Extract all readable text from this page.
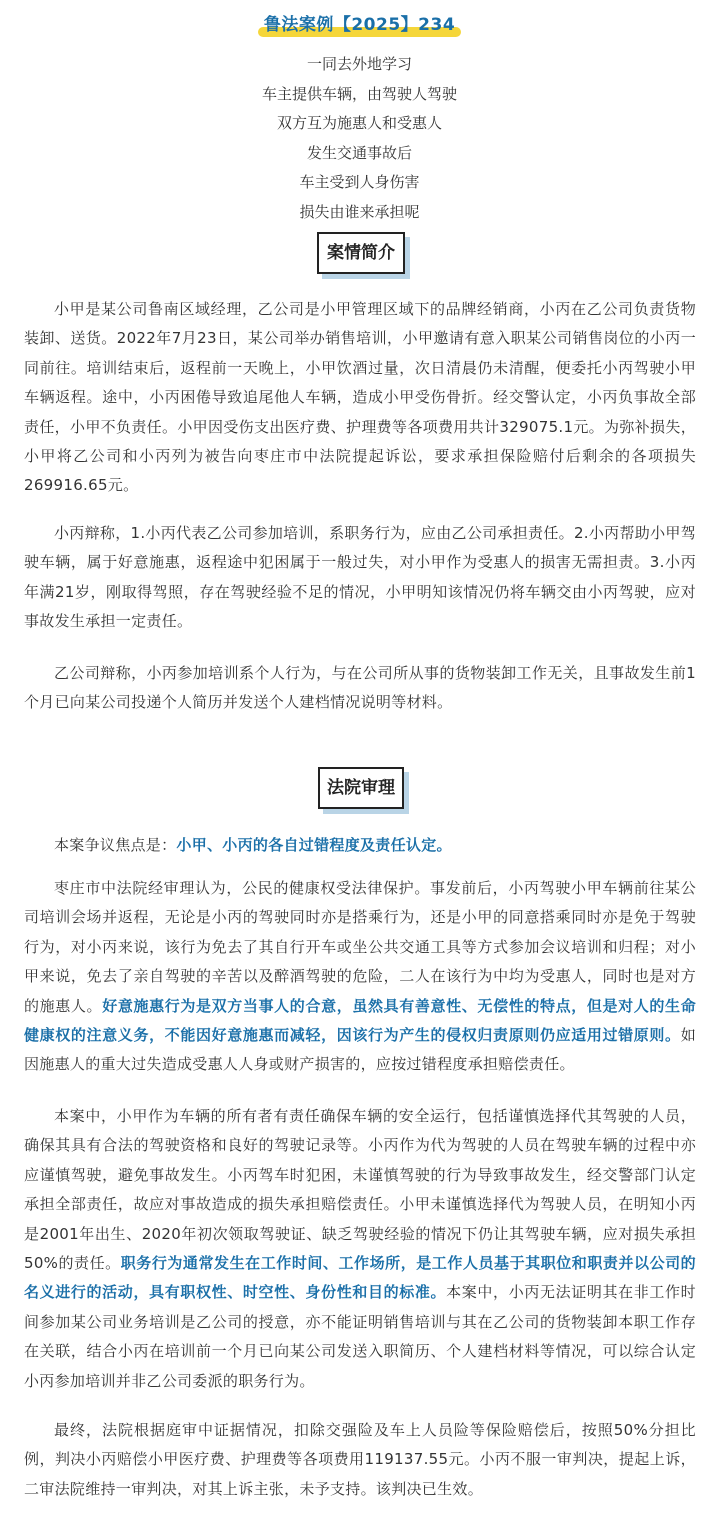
鲁法案例【2025】234
一同去外地学习
车主提供车辆，由驾驶人驾驶
双方互为施惠人和受惠人
发生交通事故后
车主受到人身伤害
损失由谁来承担呢
案情简介
小甲是某公司鲁南区域经理，乙公司是小甲管理区域下的品牌经销商，小丙在乙公司负责货物装卸、送货。2022年7月23日，某公司举办销售培训，小甲邀请有意入职某公司销售岗位的小丙一同前往。培训结束后，返程前一天晚上，小甲饮酒过量，次日清晨仍未清醒，便委托小丙驾驶小甲车辆返程。途中，小丙困倦导致追尾他人车辆，造成小甲受伤骨折。经交警认定，小丙负事故全部责任，小甲不负责任。小甲因受伤支出医疗费、护理费等各项费用共计329075.1元。为弥补损失，小甲将乙公司和小丙列为被告向枣庄市中法院提起诉讼，要求承担保险赔付后剩余的各项损失269916.65元。
小丙辩称，1.小丙代表乙公司参加培训，系职务行为，应由乙公司承担责任。2.小丙帮助小甲驾驶车辆，属于好意施惠，返程途中犯困属于一般过失，对小甲作为受惠人的损害无需担责。3.小丙年满21岁，刚取得驾照，存在驾驶经验不足的情况，小甲明知该情况仍将车辆交由小丙驾驶，应对事故发生承担一定责任。
乙公司辩称，小丙参加培训系个人行为，与在公司所从事的货物装卸工作无关，且事故发生前1个月已向某公司投递个人简历并发送个人建档情况说明等材料。
法院审理
本案争议焦点是：小甲、小丙的各自过错程度及责任认定。
枣庄市中法院经审理认为，公民的健康权受法律保护。事发前后，小丙驾驶小甲车辆前往某公司培训会场并返程，无论是小丙的驾驶同时亦是搭乘行为，还是小甲的同意搭乘同时亦是免于驾驶行为，对小丙来说，该行为免去了其自行开车或坐公共交通工具等方式参加会议培训和归程；对小甲来说，免去了亲自驾驶的辛苦以及醉酒驾驶的危险，二人在该行为中均为受惠人，同时也是对方的施惠人。好意施惠行为是双方当事人的合意，虽然具有善意性、无偿性的特点，但是对人的生命健康权的注意义务，不能因好意施惠而减轻，因该行为产生的侵权归责原则仍应适用过错原则。如因施惠人的重大过失造成受惠人人身或财产损害的，应按过错程度承担赔偿责任。
本案中，小甲作为车辆的所有者有责任确保车辆的安全运行，包括谨慎选择代其驾驶的人员，确保其具有合法的驾驶资格和良好的驾驶记录等。小丙作为代为驾驶的人员在驾驶车辆的过程中亦应谨慎驾驶，避免事故发生。小丙驾车时犯困，未谨慎驾驶的行为导致事故发生，经交警部门认定承担全部责任，故应对事故造成的损失承担赔偿责任。小甲未谨慎选择代为驾驶人员，在明知小丙是2001年出生、2020年初次领取驾驶证、缺乏驾驶经验的情况下仍让其驾驶车辆，应对损失承担50%的责任。职务行为通常发生在工作时间、工作场所，是工作人员基于其职位和职责并以公司的名义进行的活动，具有职权性、时空性、身份性和目的标准。本案中，小丙无法证明其在非工作时间参加某公司业务培训是乙公司的授意，亦不能证明销售培训与其在乙公司的货物装卸本职工作存在关联，结合小丙在培训前一个月已向某公司发送入职简历、个人建档材料等情况，可以综合认定小丙参加培训并非乙公司委派的职务行为。
最终，法院根据庭审中证据情况，扣除交强险及车上人员险等保险赔偿后，按照50%分担比例，判决小丙赔偿小甲医疗费、护理费等各项费用119137.55元。小丙不服一审判决，提起上诉，二审法院维持一审判决，对其上诉主张，未予支持。该判决已生效。
